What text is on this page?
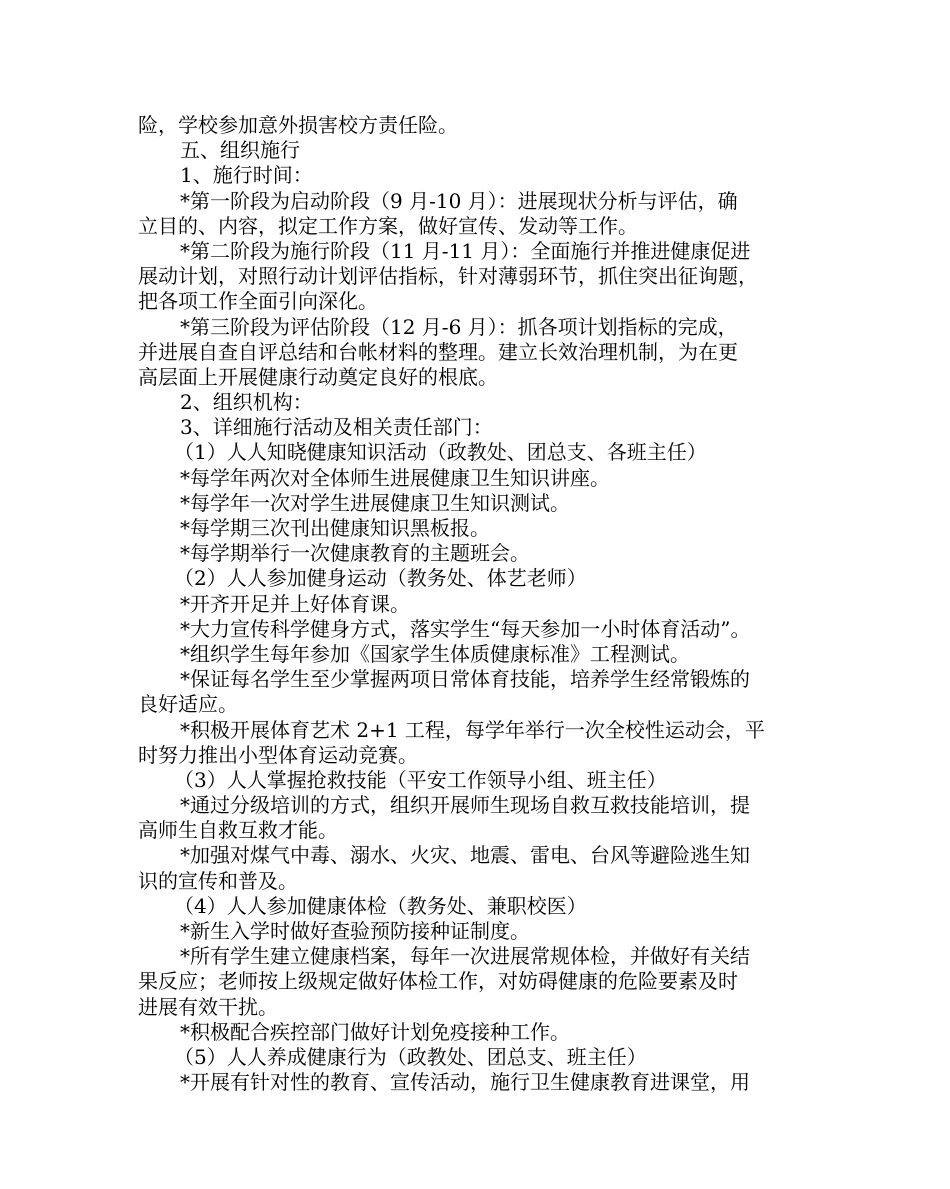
险，学校参加意外损害校方责任险。
五、组织施行
1、施行时间：
*第一阶段为启动阶段（9 月-10 月）：进展现状分析与评估，确
立目的、内容，拟定工作方案，做好宣传、发动等工作。
*第二阶段为施行阶段（11 月-11 月）：全面施行并推进健康促进
展动计划，对照行动计划评估指标，针对薄弱环节，抓住突出征询题，
把各项工作全面引向深化。
*第三阶段为评估阶段（12 月-6 月）：抓各项计划指标的完成，
并进展自查自评总结和台帐材料的整理。建立长效治理机制，为在更
高层面上开展健康行动奠定良好的根底。
2、组织机构：
3、详细施行活动及相关责任部门：
（1）人人知晓健康知识活动（政教处、团总支、各班主任）
*每学年两次对全体师生进展健康卫生知识讲座。
*每学年一次对学生进展健康卫生知识测试。
*每学期三次刊出健康知识黑板报。
*每学期举行一次健康教育的主题班会。
（2）人人参加健身运动（教务处、体艺老师）
*开齐开足并上好体育课。
*大力宣传科学健身方式，落实学生“每天参加一小时体育活动”。
*组织学生每年参加《国家学生体质健康标准》工程测试。
*保证每名学生至少掌握两项日常体育技能，培养学生经常锻炼的
良好适应。
*积极开展体育艺术 2+1 工程，每学年举行一次全校性运动会，平
时努力推出小型体育运动竞赛。
（3）人人掌握抢救技能（平安工作领导小组、班主任）
*通过分级培训的方式，组织开展师生现场自救互救技能培训，提
高师生自救互救才能。
*加强对煤气中毒、溺水、火灾、地震、雷电、台风等避险逃生知
识的宣传和普及。
（4）人人参加健康体检（教务处、兼职校医）
*新生入学时做好查验预防接种证制度。
*所有学生建立健康档案，每年一次进展常规体检，并做好有关结
果反应；老师按上级规定做好体检工作，对妨碍健康的危险要素及时
进展有效干扰。
*积极配合疾控部门做好计划免疫接种工作。
（5）人人养成健康行为（政教处、团总支、班主任）
*开展有针对性的教育、宣传活动，施行卫生健康教育进课堂，用
